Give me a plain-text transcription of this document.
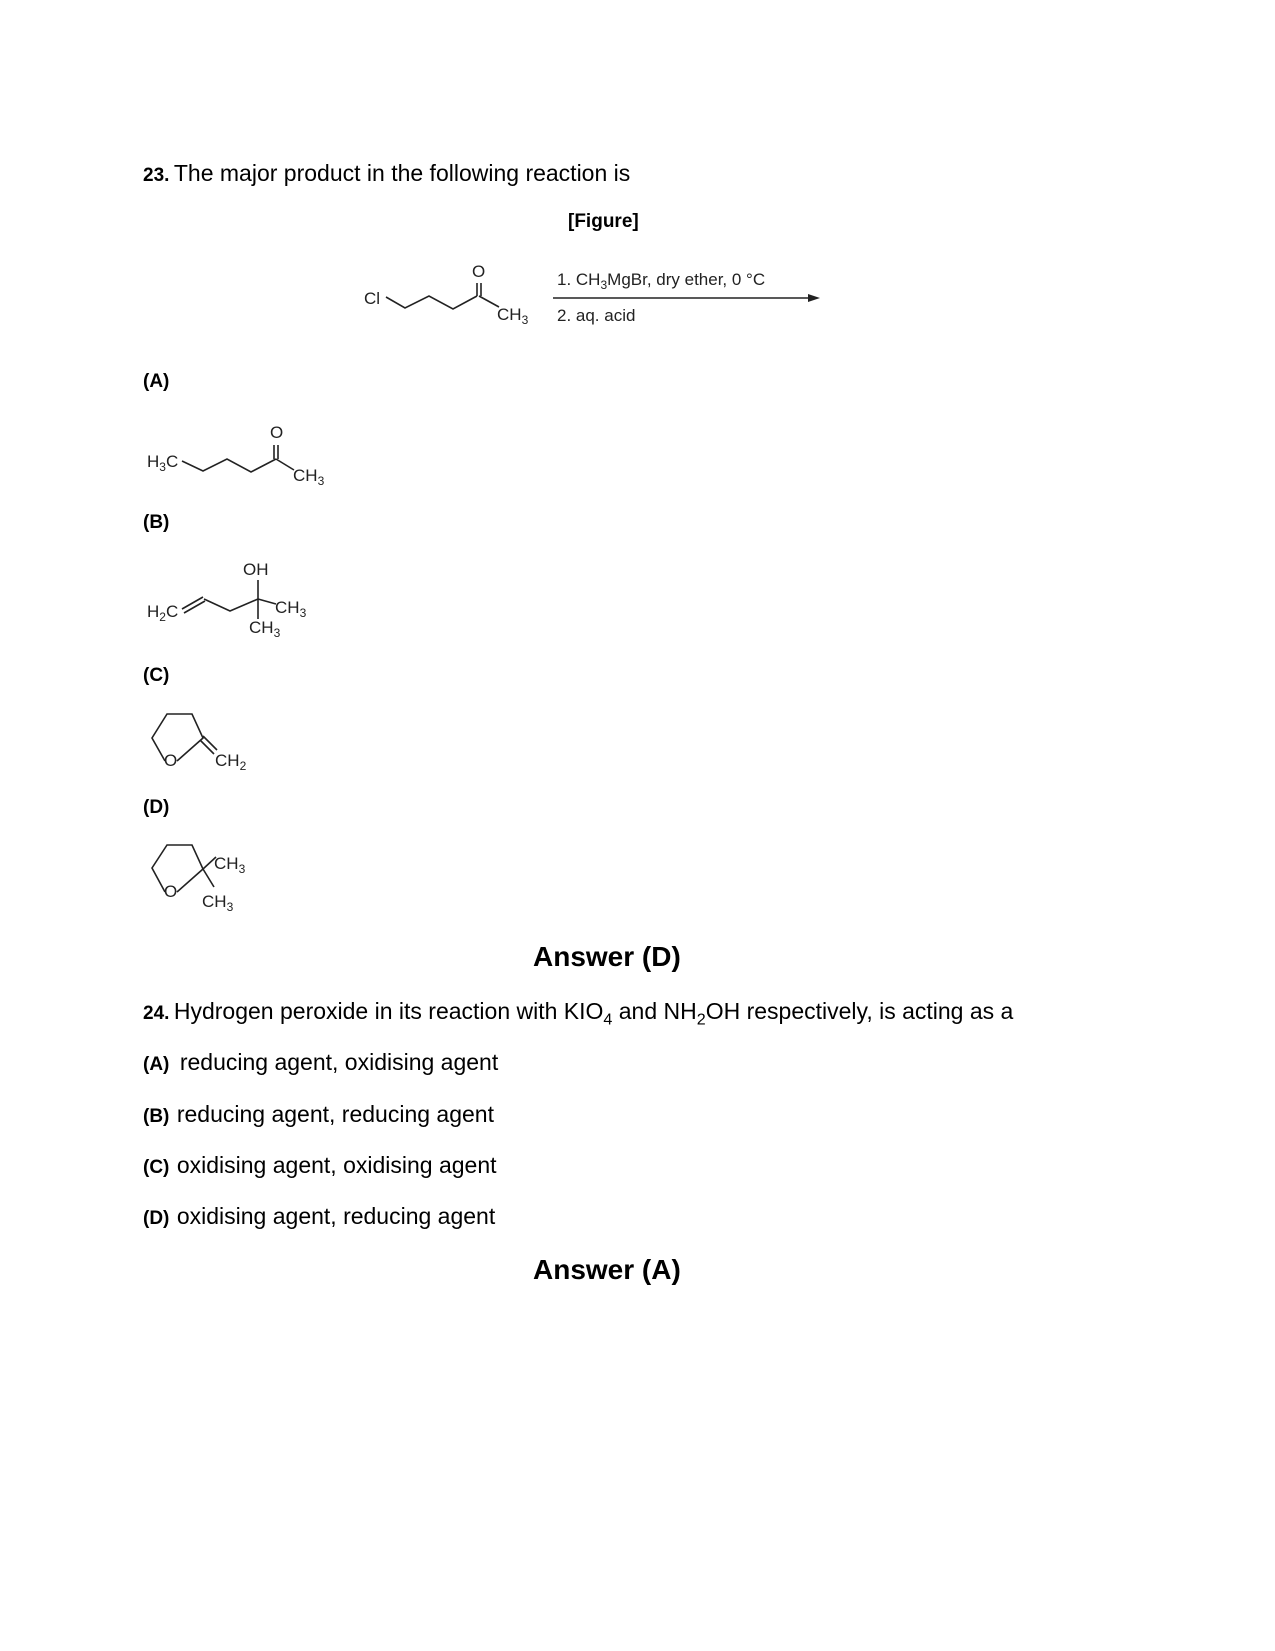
23. The major product in the following reaction is
[Figure]
Cl
O
$CH_3$
1. $CH_3MgBr$, dry ether, 0 °C
2. aq. acid
(A)
$H_3C$
O
$CH_3$
(B)
$H_2C$
OH
$CH_3$
$CH_3$
(C)
O $CH_2$
(D)
O
$CH_3$
$CH_3$
Answer (D)
24. Hydrogen peroxide in its reaction with $KIO_4$ and $NH_2OH$ respectively, is acting as a
(A) reducing agent, oxidising agent
(B) reducing agent, reducing agent
(C) oxidising agent, oxidising agent
(D) oxidising agent, reducing agent
Answer (A)
